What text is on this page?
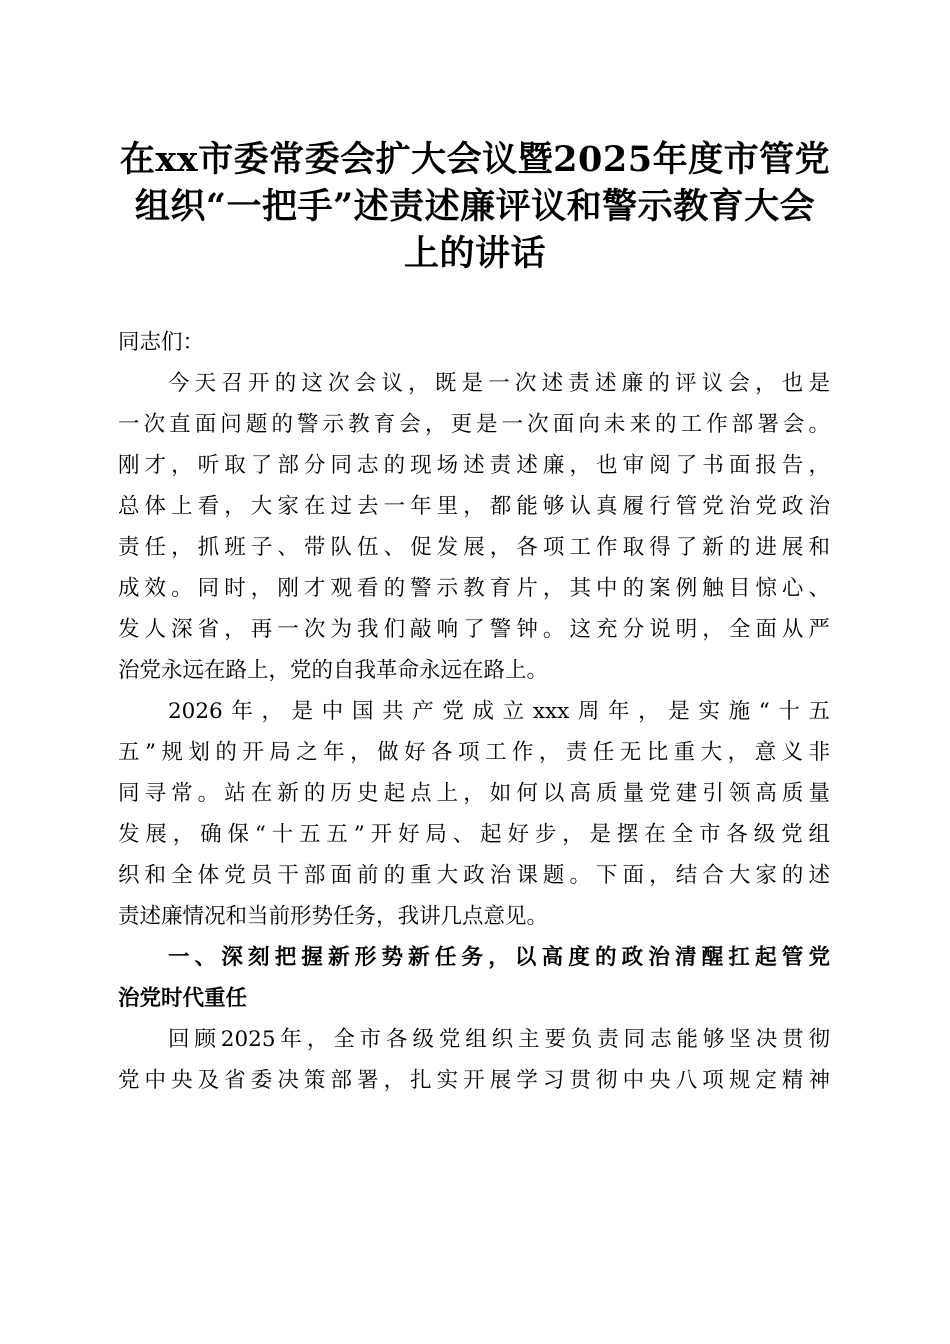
在xx市委常委会扩大会议暨2025年度市管党
组织“一把手”述责述廉评议和警示教育大会
上的讲话
同志们：
今天召开的这次会议，既是一次述责述廉的评议会，也是
一次直面问题的警示教育会，更是一次面向未来的工作部署会。
刚才，听取了部分同志的现场述责述廉，也审阅了书面报告，
总体上看，大家在过去一年里，都能够认真履行管党治党政治
责任，抓班子、带队伍、促发展，各项工作取得了新的进展和
成效。同时，刚才观看的警示教育片，其中的案例触目惊心、
发人深省，再一次为我们敲响了警钟。这充分说明，全面从严
治党永远在路上，党的自我革命永远在路上。
2026年，是中国共产党成立xxx周年，是实施“十五
五”规划的开局之年，做好各项工作，责任无比重大，意义非
同寻常。站在新的历史起点上，如何以高质量党建引领高质量
发展，确保“十五五”开好局、起好步，是摆在全市各级党组
织和全体党员干部面前的重大政治课题。下面，结合大家的述
责述廉情况和当前形势任务，我讲几点意见。
一、深刻把握新形势新任务，以高度的政治清醒扛起管党
治党时代重任
回顾2025年，全市各级党组织主要负责同志能够坚决贯彻
党中央及省委决策部署，扎实开展学习贯彻中央八项规定精神
